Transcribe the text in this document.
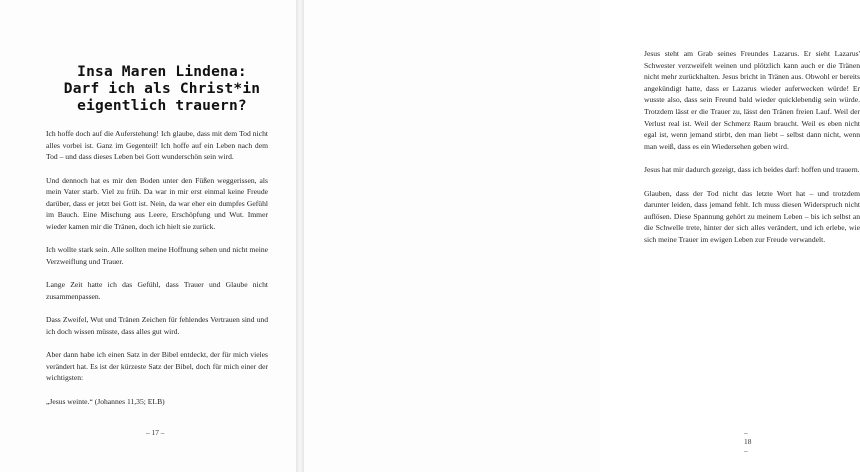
Insa Maren Lindena:
Darf ich als Christ*in
eigentlich trauern?

Ich hoffe doch auf die Auferstehung! Ich glaube, dass mit dem Tod nicht alles vorbei ist. Ganz im Gegenteil! Ich hoffe auf ein Leben nach dem Tod – und dass dieses Leben bei Gott wunderschön sein wird.

Und dennoch hat es mir den Boden unter den Füßen weggerissen, als mein Vater starb. Viel zu früh. Da war in mir erst einmal keine Freude darüber, dass er jetzt bei Gott ist. Nein, da war eher ein dumpfes Gefühl im Bauch. Eine Mischung aus Leere, Erschöpfung und Wut. Immer wieder kamen mir die Tränen, doch ich hielt sie zurück.

Ich wollte stark sein. Alle sollten meine Hoffnung sehen und nicht meine Verzweiflung und Trauer.

Lange Zeit hatte ich das Gefühl, dass Trauer und Glaube nicht zusammenpassen.

Dass Zweifel, Wut und Tränen Zeichen für fehlendes Vertrauen sind und ich doch wissen müsste, dass alles gut wird.

Aber dann habe ich einen Satz in der Bibel entdeckt, der für mich vieles verändert hat. Es ist der kürzeste Satz der Bibel, doch für mich einer der wichtigsten:

„Jesus weinte.“ (Johannes 11,35; ELB)

– 17 –

Jesus steht am Grab seines Freundes Lazarus. Er sieht Lazarus' Schwester verzweifelt weinen und plötzlich kann auch er die Tränen nicht mehr zurückhalten. Jesus bricht in Tränen aus. Obwohl er bereits angekündigt hatte, dass er Lazarus wieder auferwecken würde! Er wusste also, dass sein Freund bald wieder quicklebendig sein würde. Trotzdem lässt er die Trauer zu, lässt den Tränen freien Lauf. Weil der Verlust real ist. Weil der Schmerz Raum braucht. Weil es eben nicht egal ist, wenn jemand stirbt, den man liebt – selbst dann nicht, wenn man weiß, dass es ein Wiedersehen geben wird.

Jesus hat mir dadurch gezeigt, dass ich beides darf: hoffen und trauern.

Glauben, dass der Tod nicht das letzte Wort hat – und trotzdem darunter leiden, dass jemand fehlt. Ich muss diesen Widerspruch nicht auflösen. Diese Spannung gehört zu meinem Leben – bis ich selbst an die Schwelle trete, hinter der sich alles verändert, und ich erlebe, wie sich meine Trauer im ewigen Leben zur Freude verwandelt.

– 18 –
